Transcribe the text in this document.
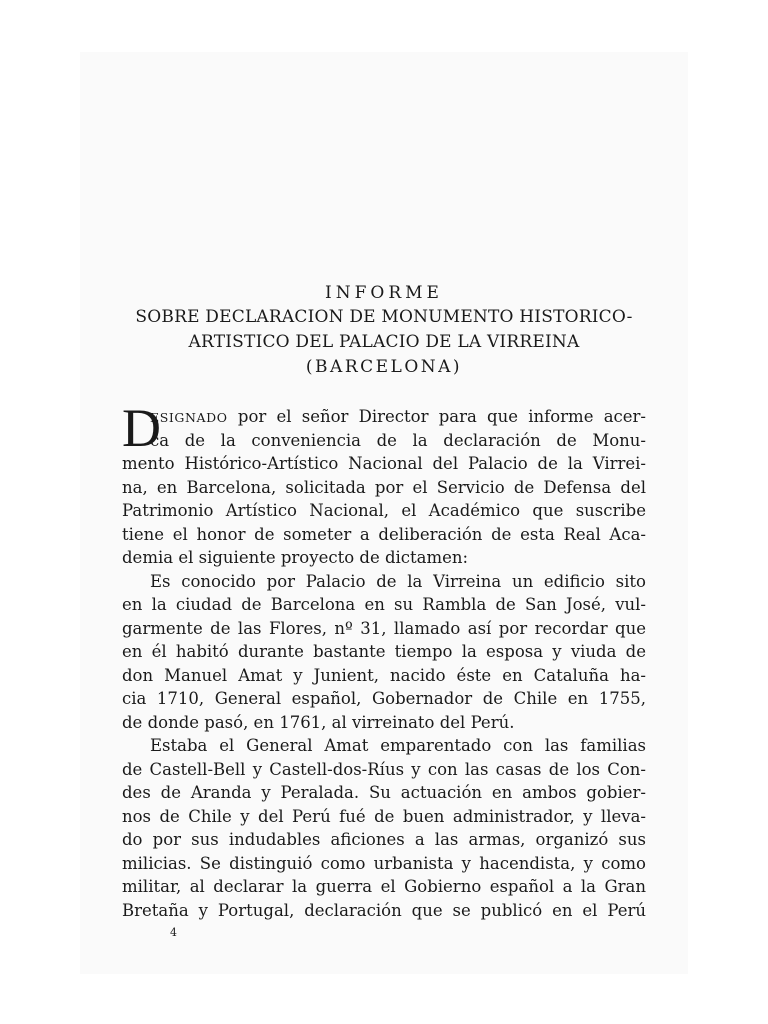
INFORME
SOBRE DECLARACION DE MONUMENTO HISTORICO-
ARTISTICO DEL PALACIO DE LA VIRREINA
(BARCELONA)
D
ESIGNADO por el señor Director para que informe acer-
ca de la conveniencia de la declaración de Monu-
mento Histórico-Artístico Nacional del Palacio de la Virrei-
na, en Barcelona, solicitada por el Servicio de Defensa del
Patrimonio Artístico Nacional, el Académico que suscribe
tiene el honor de someter a deliberación de esta Real Aca-
demia el siguiente proyecto de dictamen:
Es conocido por Palacio de la Virreina un edificio sito
en la ciudad de Barcelona en su Rambla de San José, vul-
garmente de las Flores, nº 31, llamado así por recordar que
en él habitó durante bastante tiempo la esposa y viuda de
don Manuel Amat y Junient, nacido éste en Cataluña ha-
cia 1710, General español, Gobernador de Chile en 1755,
de donde pasó, en 1761, al virreinato del Perú.
Estaba el General Amat emparentado con las familias
de Castell-Bell y Castell-dos-Ríus y con las casas de los Con-
des de Aranda y Peralada. Su actuación en ambos gobier-
nos de Chile y del Perú fué de buen administrador, y lleva-
do por sus indudables aficiones a las armas, organizó sus
milicias. Se distinguió como urbanista y hacendista, y como
militar, al declarar la guerra el Gobierno español a la Gran
Bretaña y Portugal, declaración que se publicó en el Perú
4
